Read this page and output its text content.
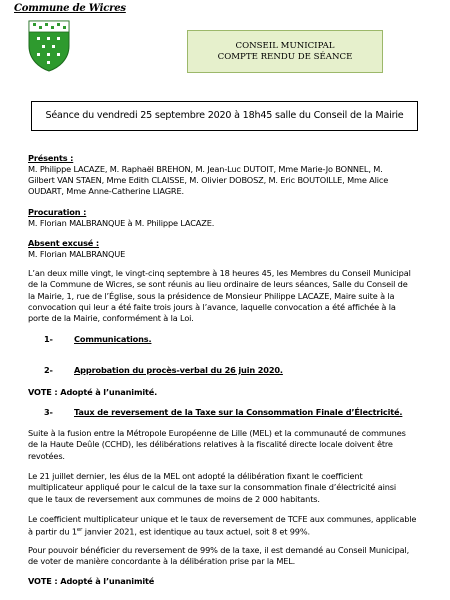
Commune de Wicres
CONSEIL MUNICIPAL
COMPTE RENDU DE SÉANCE
Séance du vendredi 25 septembre 2020 à 18h45 salle du Conseil de la Mairie
Présents :
M. Philippe LACAZE, M. Raphaël BREHON, M. Jean-Luc DUTOIT, Mme Marie-Jo BONNEL, M.
Gilbert VAN STAEN, Mme Edith CLAISSE, M. Olivier DOBOSZ, M. Eric BOUTOILLE, Mme Alice
OUDART, Mme Anne-Catherine LIAGRE.
Procuration :
M. Florian MALBRANQUE à M. Philippe LACAZE.
Absent excusé :
M. Florian MALBRANQUE
L’an deux mille vingt, le vingt-cinq septembre à 18 heures 45, les Membres du Conseil Municipal
de la Commune de Wicres, se sont réunis au lieu ordinaire de leurs séances, Salle du Conseil de
la Mairie, 1, rue de l’Église, sous la présidence de Monsieur Philippe LACAZE, Maire suite à la
convocation qui leur a été faite trois jours à l’avance, laquelle convocation a été affichée à la
porte de la Mairie, conformément à la Loi.
1-	Communications.
2-	Approbation du procès-verbal du 26 juin 2020.
VOTE : Adopté à l’unanimité.
3-	Taux de reversement de la Taxe sur la Consommation Finale d’Électricité.
Suite à la fusion entre la Métropole Européenne de Lille (MEL) et la communauté de communes
de la Haute Deûle (CCHD), les délibérations relatives à la fiscalité directe locale doivent être
revotées.
Le 21 juillet dernier, les élus de la MEL ont adopté la délibération fixant le coefficient
multiplicateur appliqué pour le calcul de la taxe sur la consommation finale d’électricité ainsi
que le taux de reversement aux communes de moins de 2 000 habitants.
Le coefficient multiplicateur unique et le taux de reversement de TCFE aux communes, applicable
à partir du 1er janvier 2021, est identique au taux actuel, soit 8 et 99%.
Pour pouvoir bénéficier du reversement de 99% de la taxe, il est demandé au Conseil Municipal,
de voter de manière concordante à la délibération prise par la MEL.
VOTE : Adopté à l’unanimité
